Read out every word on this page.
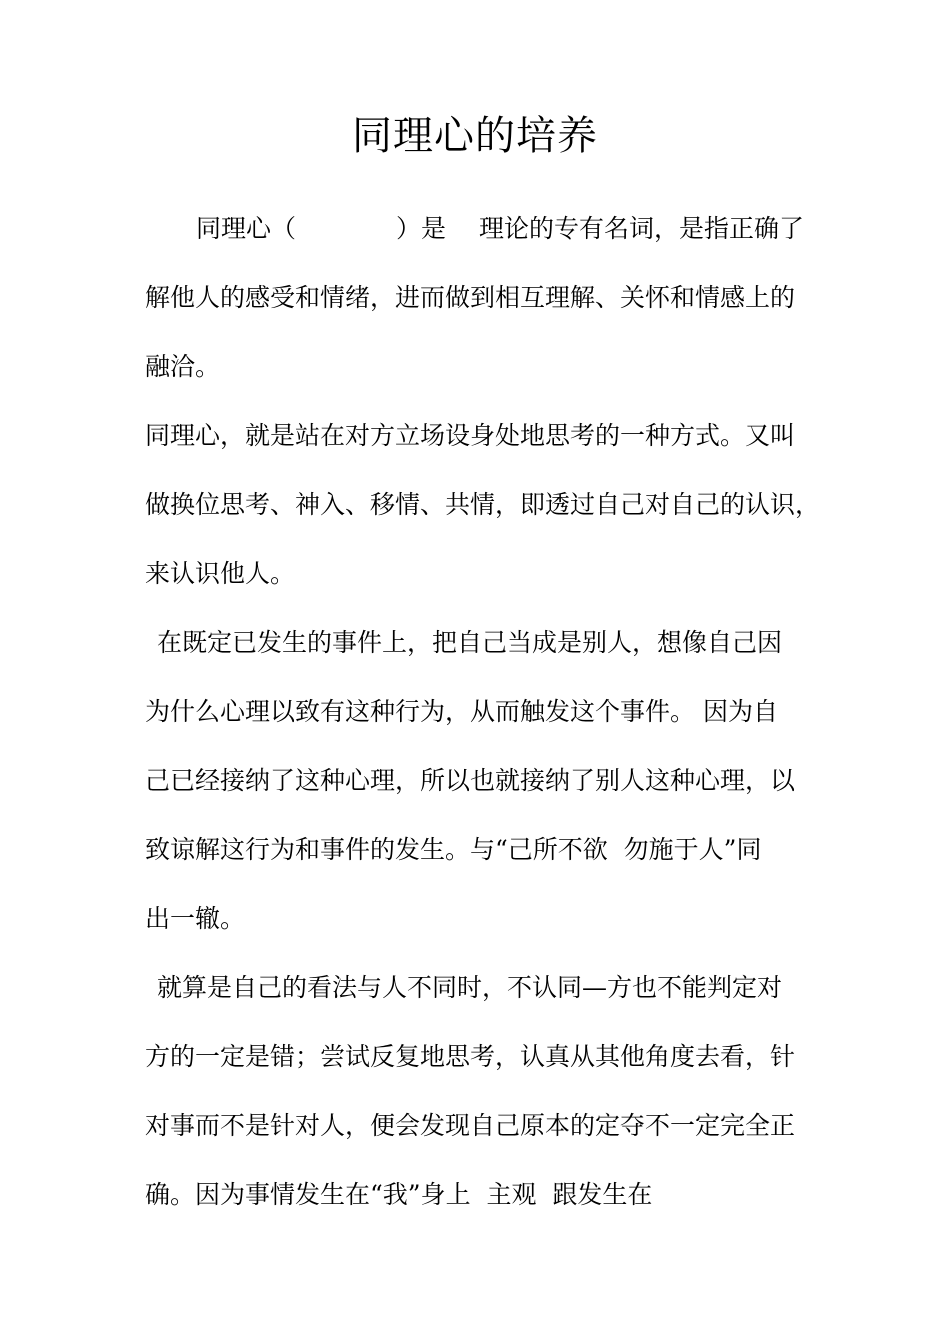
同理心的培养
同理心（　　　　）是　 理论的专有名词，是指正确了
解他人的感受和情绪，进而做到相互理解、关怀和情感上的
融洽。
同理心，就是站在对方立场设身处地思考的一种方式。又叫
做换位思考、神入、移情、共情，即透过自己对自己的认识，
来认识他人。
在既定已发生的事件上，把自己当成是别人，想像自己因
为什么心理以致有这种行为，从而触发这个事件。 因为自
己已经接纳了这种心理，所以也就接纳了别人这种心理，以
致谅解这行为和事件的发生。与“己所不欲  勿施于人”同
出一辙。
就算是自己的看法与人不同时，不认同—方也不能判定对
方的一定是错；尝试反复地思考，认真从其他角度去看，针
对事而不是针对人，便会发现自己原本的定夺不一定完全正
确。因为事情发生在“我”身上  主观  跟发生在
